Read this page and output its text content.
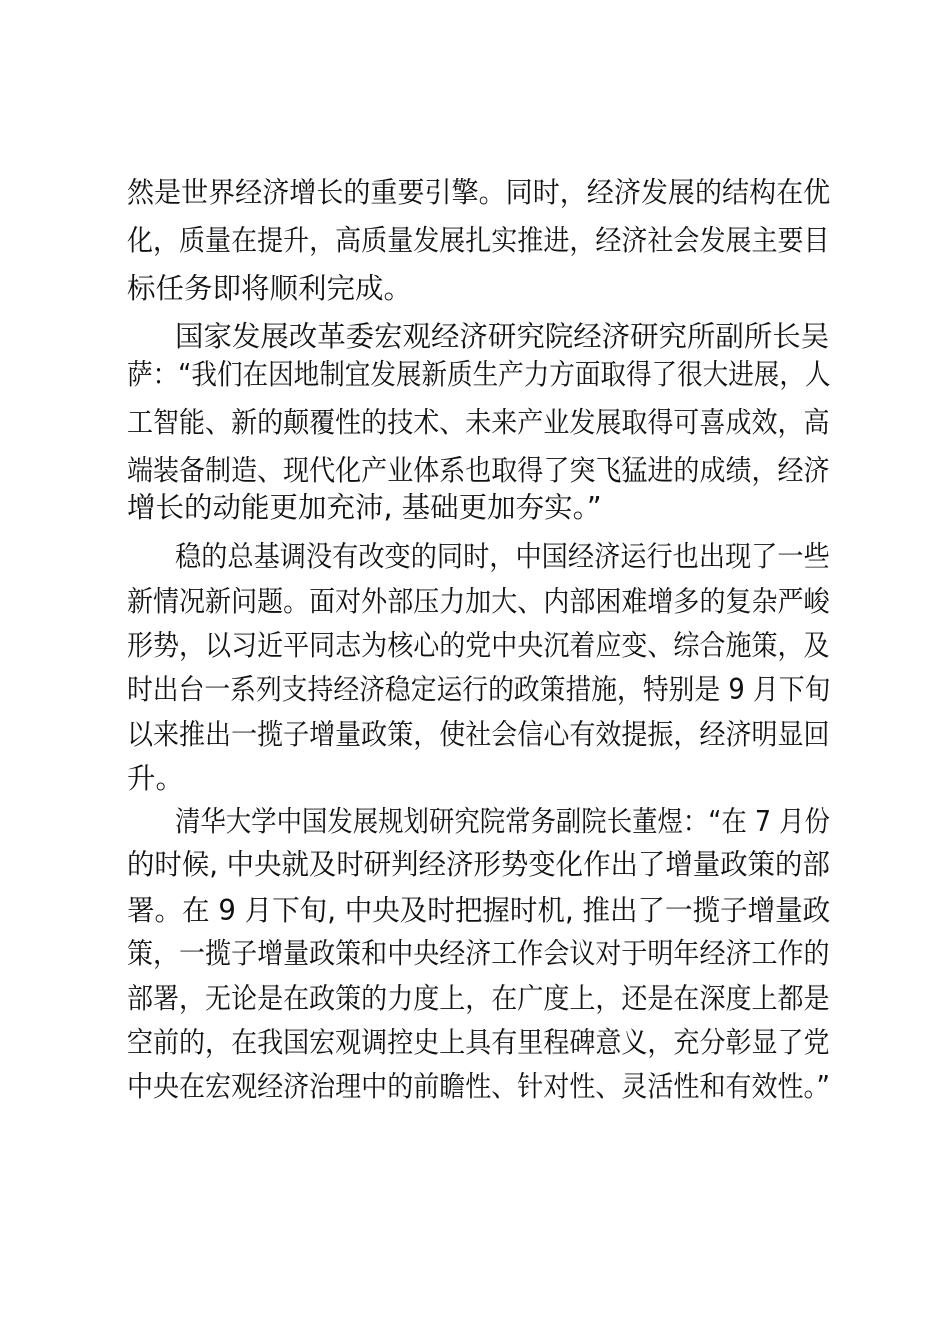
然是世界经济增长的重要引擎。同时，经济发展的结构在优
化，质量在提升，高质量发展扎实推进，经济社会发展主要目
标任务即将顺利完成。
国家发展改革委宏观经济研究院经济研究所副所长吴
萨：“我们在因地制宜发展新质生产力方面取得了很大进展，人
工智能、新的颠覆性的技术、未来产业发展取得可喜成效，高
端装备制造、现代化产业体系也取得了突飞猛进的成绩，经济
增长的动能更加充沛, 基础更加夯实。”
稳的总基调没有改变的同时，中国经济运行也出现了一些
新情况新问题。面对外部压力加大、内部困难增多的复杂严峻
形势，以习近平同志为核心的党中央沉着应变、综合施策，及
时出台一系列支持经济稳定运行的政策措施，特别是 9 月下旬
以来推出一揽子增量政策，使社会信心有效提振，经济明显回
升。
清华大学中国发展规划研究院常务副院长董煜：“在 7 月份
的时候, 中央就及时研判经济形势变化作出了增量政策的部
署。在 9 月下旬, 中央及时把握时机, 推出了一揽子增量政
策，一揽子增量政策和中央经济工作会议对于明年经济工作的
部署，无论是在政策的力度上，在广度上，还是在深度上都是
空前的，在我国宏观调控史上具有里程碑意义，充分彰显了党
中央在宏观经济治理中的前瞻性、针对性、灵活性和有效性。”
